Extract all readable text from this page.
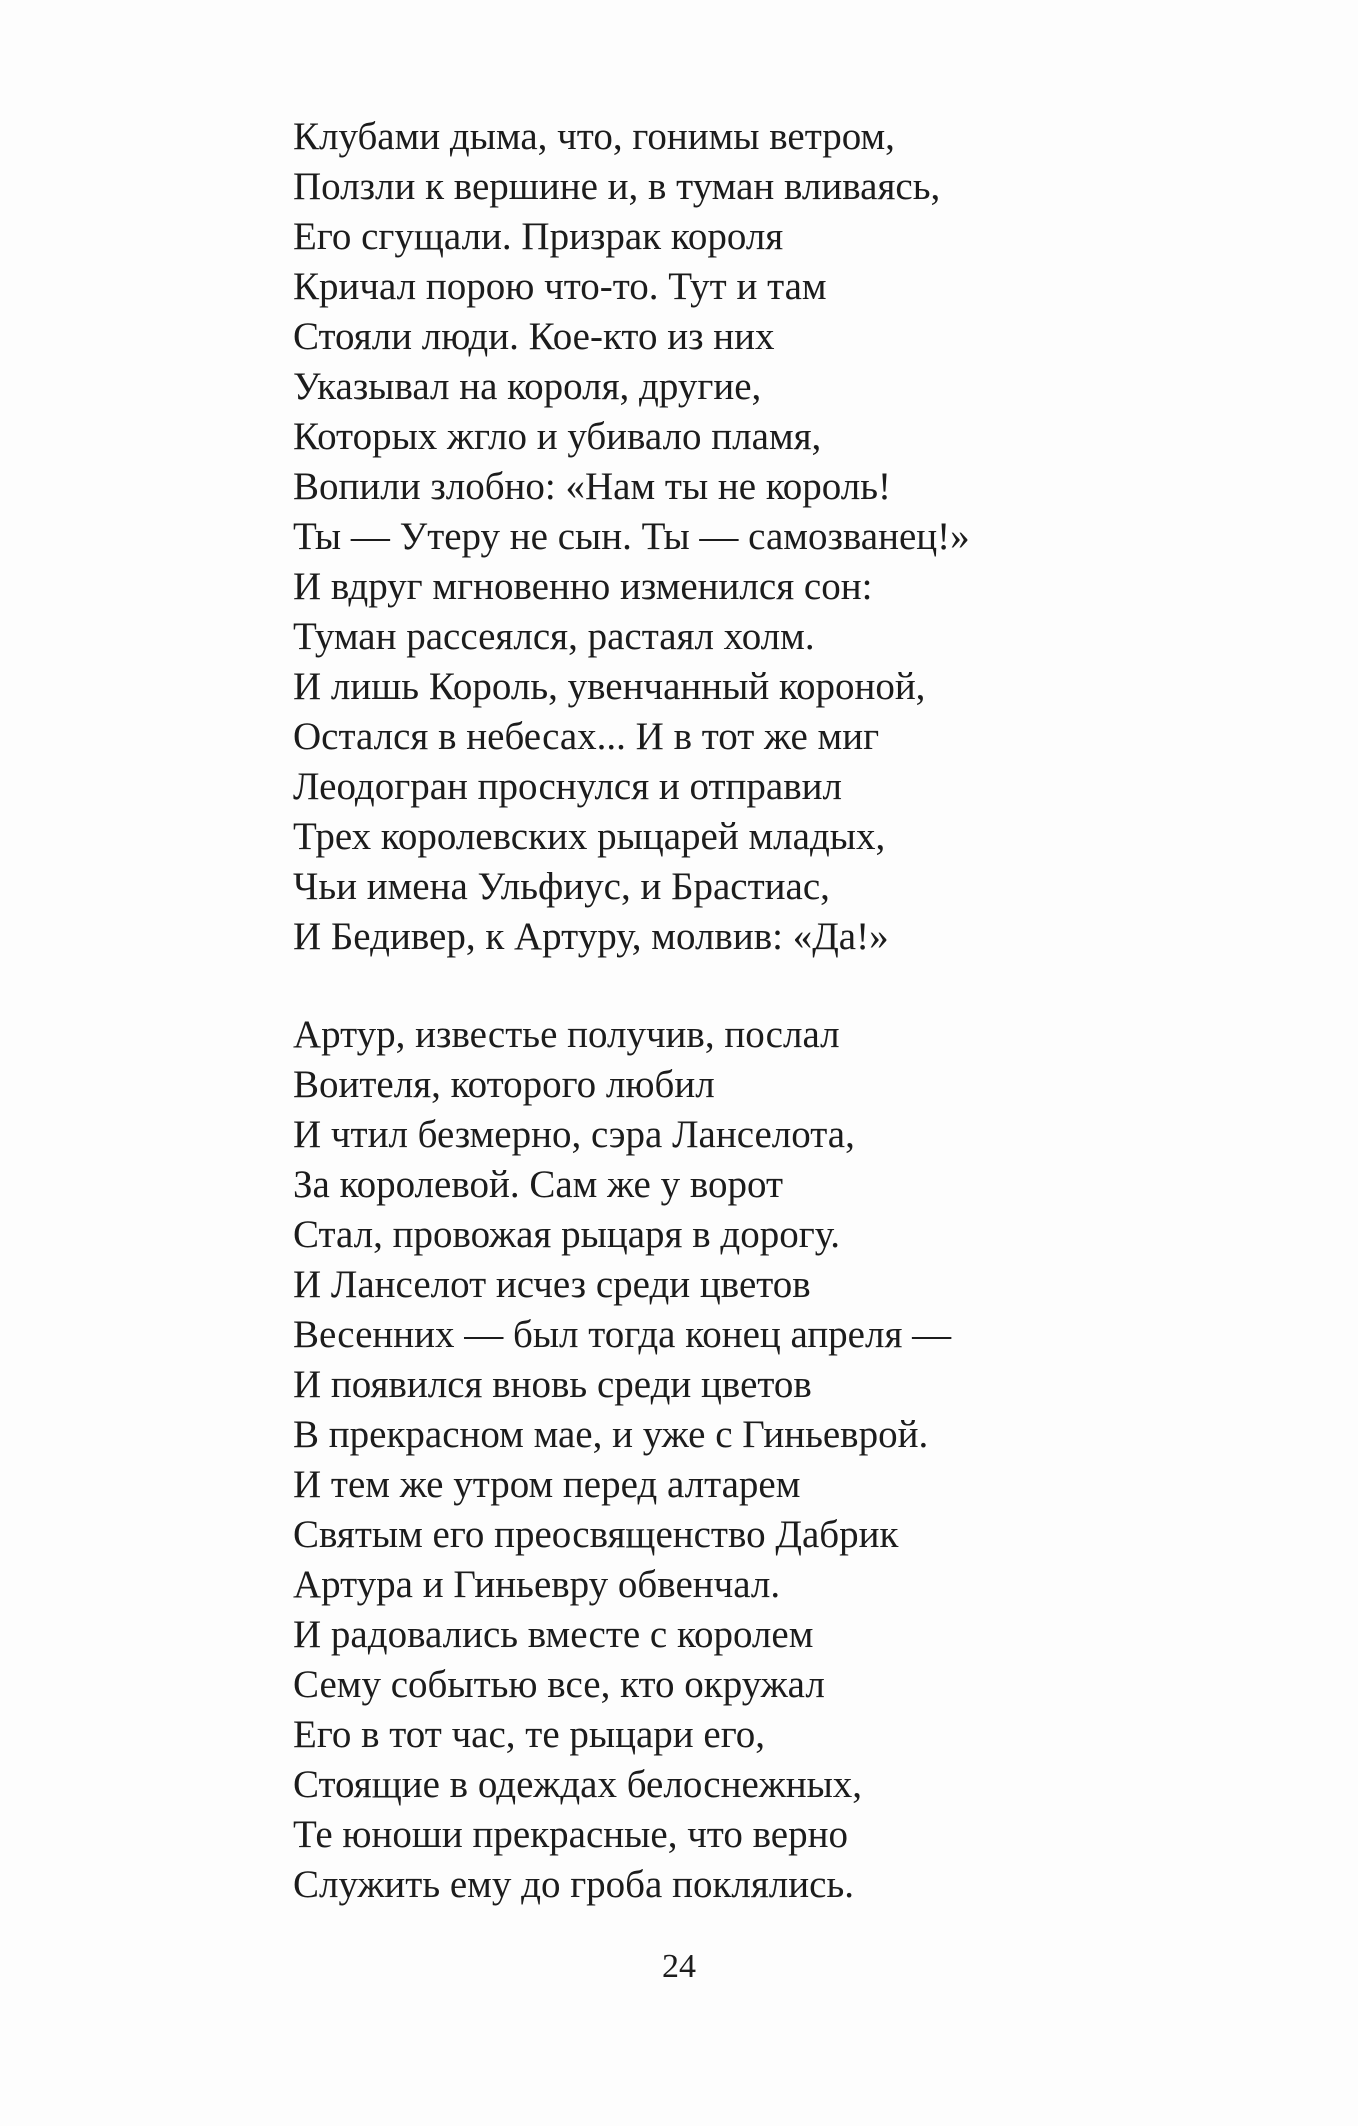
Клубами дыма, что, гонимы ветром,
Ползли к вершине и, в туман вливаясь,
Его сгущали. Призрак короля
Кричал порою что-то. Тут и там
Стояли люди. Кое-кто из них
Указывал на короля, другие,
Которых жгло и убивало пламя,
Вопили злобно: «Нам ты не король!
Ты — Утеру не сын. Ты — самозванец!»
И вдруг мгновенно изменился сон:
Туман рассеялся, растаял холм.
И лишь Король, увенчанный короной,
Остался в небесах... И в тот же миг
Леодогран проснулся и отправил
Трех королевских рыцарей младых,
Чьи имена Ульфиус, и Брастиас,
И Бедивер, к Артуру, молвив: «Да!»
Артур, известье получив, послал
Воителя, которого любил
И чтил безмерно, сэра Ланселота,
За королевой. Сам же у ворот
Стал, провожая рыцаря в дорогу.
И Ланселот исчез среди цветов
Весенних — был тогда конец апреля —
И появился вновь среди цветов
В прекрасном мае, и уже с Гиньеврой.
И тем же утром перед алтарем
Святым его преосвященство Дабрик
Артура и Гиньевру обвенчал.
И радовались вместе с королем
Сему событью все, кто окружал
Его в тот час, те рыцари его,
Стоящие в одеждах белоснежных,
Те юноши прекрасные, что верно
Служить ему до гроба поклялись.
24
